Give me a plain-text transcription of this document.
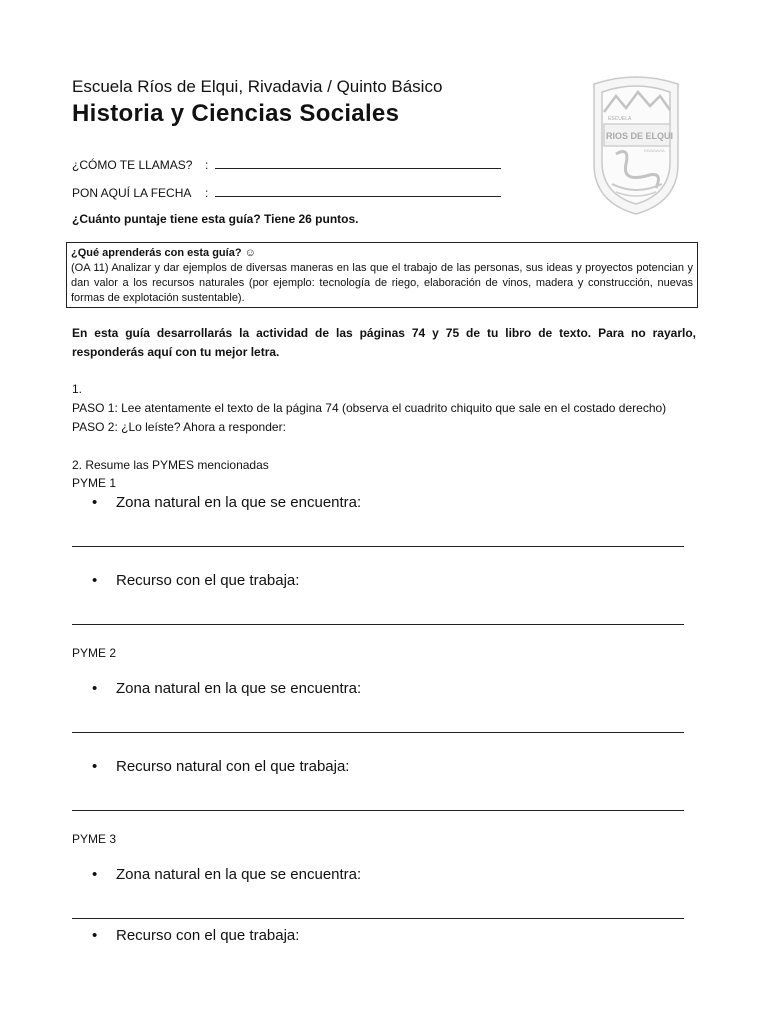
Escuela Ríos de Elqui, Rivadavia / Quinto Básico
Historia y Ciencias Sociales	ESCUELA
RIOS DE ELQUI
RIVADAVIA
¿CÓMO TE LLAMAS? :
PON AQUÍ LA FECHA :
¿Cuánto puntaje tiene esta guía? Tiene 26 puntos.
¿Qué aprenderás con esta guía? ☺
(OA 11) Analizar y dar ejemplos de diversas maneras en las que el trabajo de las personas, sus ideas y proyectos potencian y dan valor a los recursos naturales (por ejemplo: tecnología de riego, elaboración de vinos, madera y construcción, nuevas formas de explotación sustentable).
En esta guía desarrollarás la actividad de las páginas 74 y 75 de tu libro de texto. Para no rayarlo, responderás aquí con tu mejor letra.
1.
PASO 1: Lee atentamente el texto de la página 74 (observa el cuadrito chiquito que sale en el costado derecho)
PASO 2: ¿Lo leíste? Ahora a responder:
2. Resume las PYMES mencionadas
PYME 1
• Zona natural en la que se encuentra:
• Recurso con el que trabaja:
PYME 2
• Zona natural en la que se encuentra:
• Recurso natural con el que trabaja:
PYME 3
• Zona natural en la que se encuentra:
• Recurso con el que trabaja:
